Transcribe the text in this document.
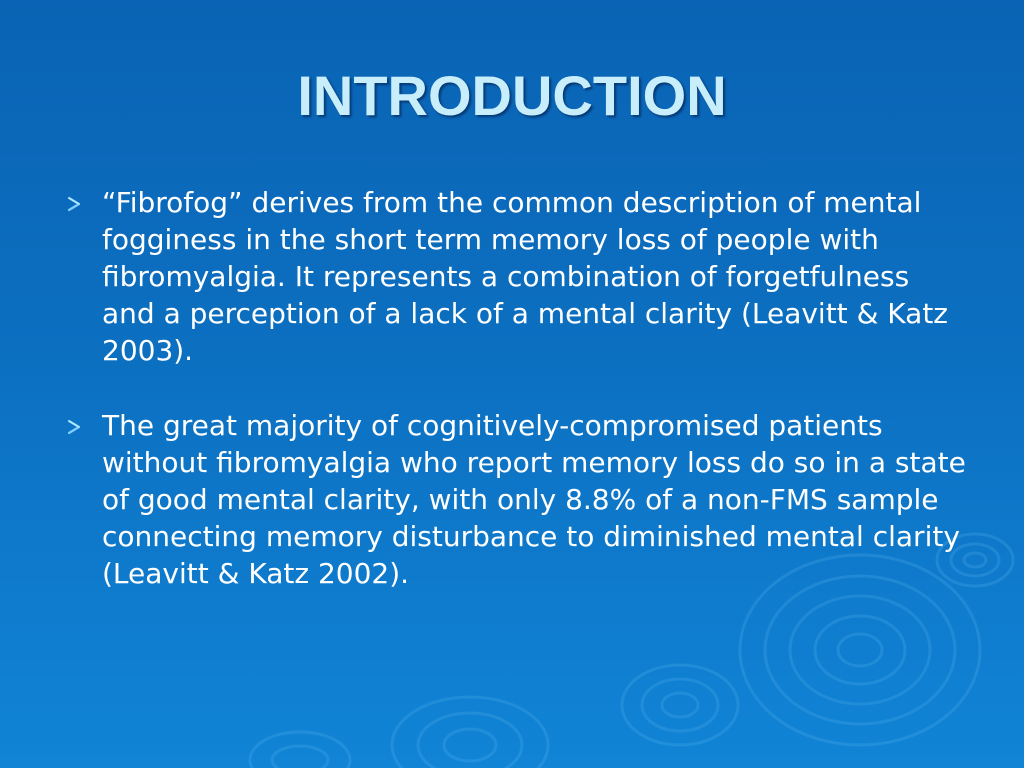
INTRODUCTION
“Fibrofog” derives from the common description of mental fogginess in the short term memory loss of people with fibromyalgia. It represents a combination of forgetfulness and a perception of a lack of a mental clarity (Leavitt & Katz 2003).
The great majority of cognitively-compromised patients without fibromyalgia who report memory loss do so in a state of good mental clarity, with only 8.8% of a non-FMS sample connecting memory disturbance to diminished mental clarity (Leavitt & Katz 2002).
